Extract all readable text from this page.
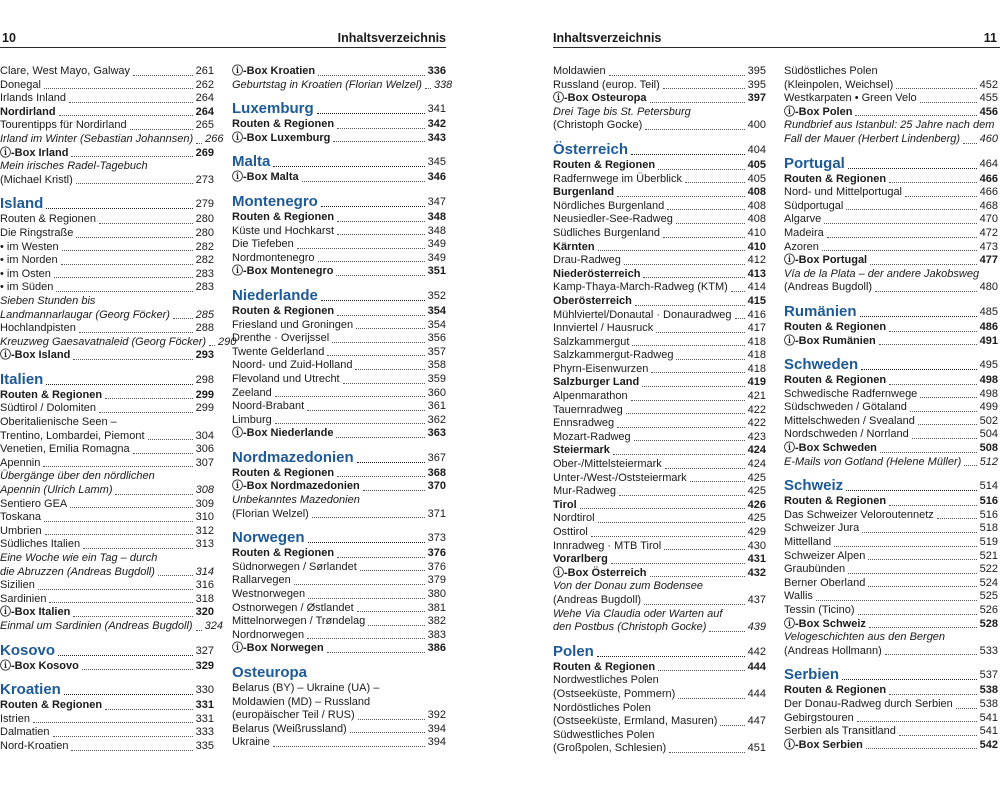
10	Inhaltsverzeichnis	Inhaltsverzeichnis	11
Clare, West Mayo, Galway	261
Donegal	262
Irlands Inland	264
Nordirland	264
Tourentipps für Nordirland	265
Irland im Winter (Sebastian Johannsen) 266
ⓘ-Box Irland	269
Mein irisches Radel-Tagebuch
(Michael Kristl)	273
Island	279
Routen & Regionen	280
Die Ringstraße	280
• im Westen	282
• im Norden	282
• im Osten	283
• im Süden	283
Sieben Stunden bis
Landmannarlaugar (Georg Föcker) 285
Hochlandpisten	288
Kreuzweg Gaesavatnaleid (Georg Föcker) 290
ⓘ-Box Island	293
Italien	298
Routen & Regionen	299
Südtirol / Dolomiten	299
Oberitalienische Seen –
Trentino, Lombardei, Piemont	304
Venetien, Emilia Romagna	306
Apennin	307
Übergänge über den nördlichen
Apennin (Ulrich Lamm)	308
Sentiero GEA	309
Toskana	310
Umbrien	312
Südliches Italien	313
Eine Woche wie ein Tag – durch
die Abruzzen (Andreas Bugdoll)	314
Sizilien	316
Sardinien	318
ⓘ-Box Italien	320
Einmal um Sardinien (Andreas Bugdoll) 324
Kosovo	327
ⓘ-Box Kosovo	329
Kroatien	330
Routen & Regionen	331
Istrien	331
Dalmatien	333
Nord-Kroatien	335
ⓘ-Box Kroatien	336
Geburtstag in Kroatien (Florian Welzel) 338
Luxemburg	341
Routen & Regionen	342
ⓘ-Box Luxemburg	343
Malta	345
ⓘ-Box Malta	346
Montenegro	347
Routen & Regionen	348
Küste und Hochkarst	348
Die Tiefeben	349
Nordmontenegro	349
ⓘ-Box Montenegro	351
Niederlande	352
Routen & Regionen	354
Friesland und Groningen	354
Drenthe · Overijssel	356
Twente Gelderland	357
Noord- und Zuid-Holland	358
Flevoland und Utrecht	359
Zeeland	360
Noord-Brabant	361
Limburg	362
ⓘ-Box Niederlande	363
Nordmazedonien	367
Routen & Regionen	368
ⓘ-Box Nordmazedonien	370
Unbekanntes Mazedonien
(Florian Welzel)	371
Norwegen	373
Routen & Regionen	376
Südnorwegen / Sørlandet	376
Rallarvegen	379
Westnorwegen	380
Ostnorwegen / Østlandet	381
Mittelnorwegen / Trøndelag	382
Nordnorwegen	383
ⓘ-Box Norwegen	386
Osteuropa
Belarus (BY) – Ukraine (UA) –
Moldawien (MD) – Russland
(europäischer Teil / RUS)	392
Belarus (Weißrussland)	394
Ukraine	394
Moldawien	395
Russland (europ. Teil)	395
ⓘ-Box Osteuropa	397
Drei Tage bis St. Petersburg
(Christoph Gocke)	400
Österreich	404
Routen & Regionen	405
Radfernwege im Überblick	405
Burgenland	408
Nördliches Burgenland	408
Neusiedler-See-Radweg	408
Südliches Burgenland	410
Kärnten	410
Drau-Radweg	412
Niederösterreich	413
Kamp-Thaya-March-Radweg (KTM) 414
Oberösterreich	415
Mühlviertel/Donautal · Donauradweg 416
Innviertel / Hausruck	417
Salzkammergut	418
Salzkammergut-Radweg	418
Phyrn-Eisenwurzen	418
Salzburger Land	419
Alpenmarathon	421
Tauernradweg	422
Ennsradweg	422
Mozart-Radweg	423
Steiermark	424
Ober-/Mittelsteiermark	424
Unter-/West-/Oststeiermark	425
Mur-Radweg	425
Tirol	426
Nordtirol	425
Osttirol	429
Innradweg · MTB Tirol	430
Vorarlberg	431
ⓘ-Box Österreich	432
Von der Donau zum Bodensee
(Andreas Bugdoll)	437
Wehe Via Claudia oder Warten auf
den Postbus (Christoph Gocke)	439
Polen	442
Routen & Regionen	444
Nordwestliches Polen
(Ostseeküste, Pommern)	444
Nordöstliches Polen
(Ostseeküste, Ermland, Masuren)	447
Südwestliches Polen
(Großpolen, Schlesien)	451
Südöstliches Polen
(Kleinpolen, Weichsel)	452
Westkarpaten • Green Velo	455
ⓘ-Box Polen	456
Rundbrief aus Istanbul: 25 Jahre nach dem
Fall der Mauer (Herbert Lindenberg) 460
Portugal	464
Routen & Regionen	466
Nord- und Mittelportugal	466
Südportugal	468
Algarve	470
Madeira	472
Azoren	473
ⓘ-Box Portugal	477
Vía de la Plata – der andere Jakobsweg
(Andreas Bugdoll)	480
Rumänien	485
Routen & Regionen	486
ⓘ-Box Rumänien	491
Schweden	495
Routen & Regionen	498
Schwedische Radfernwege	498
Südschweden / Götaland	499
Mittelschweden / Svealand	502
Nordschweden / Norrland	504
ⓘ-Box Schweden	508
E-Mails von Gotland (Helene Müller) 512
Schweiz	514
Routen & Regionen	516
Das Schweizer Veloroutennetz	516
Schweizer Jura	518
Mittelland	519
Schweizer Alpen	521
Graubünden	522
Berner Oberland	524
Wallis	525
Tessin (Ticino)	526
ⓘ-Box Schweiz	528
Velogeschichten aus den Bergen
(Andreas Hollmann)	533
Serbien	537
Routen & Regionen	538
Der Donau-Radweg durch Serbien 538
Gebirgstouren	541
Serbien als Transitland	541
ⓘ-Box Serbien	542
